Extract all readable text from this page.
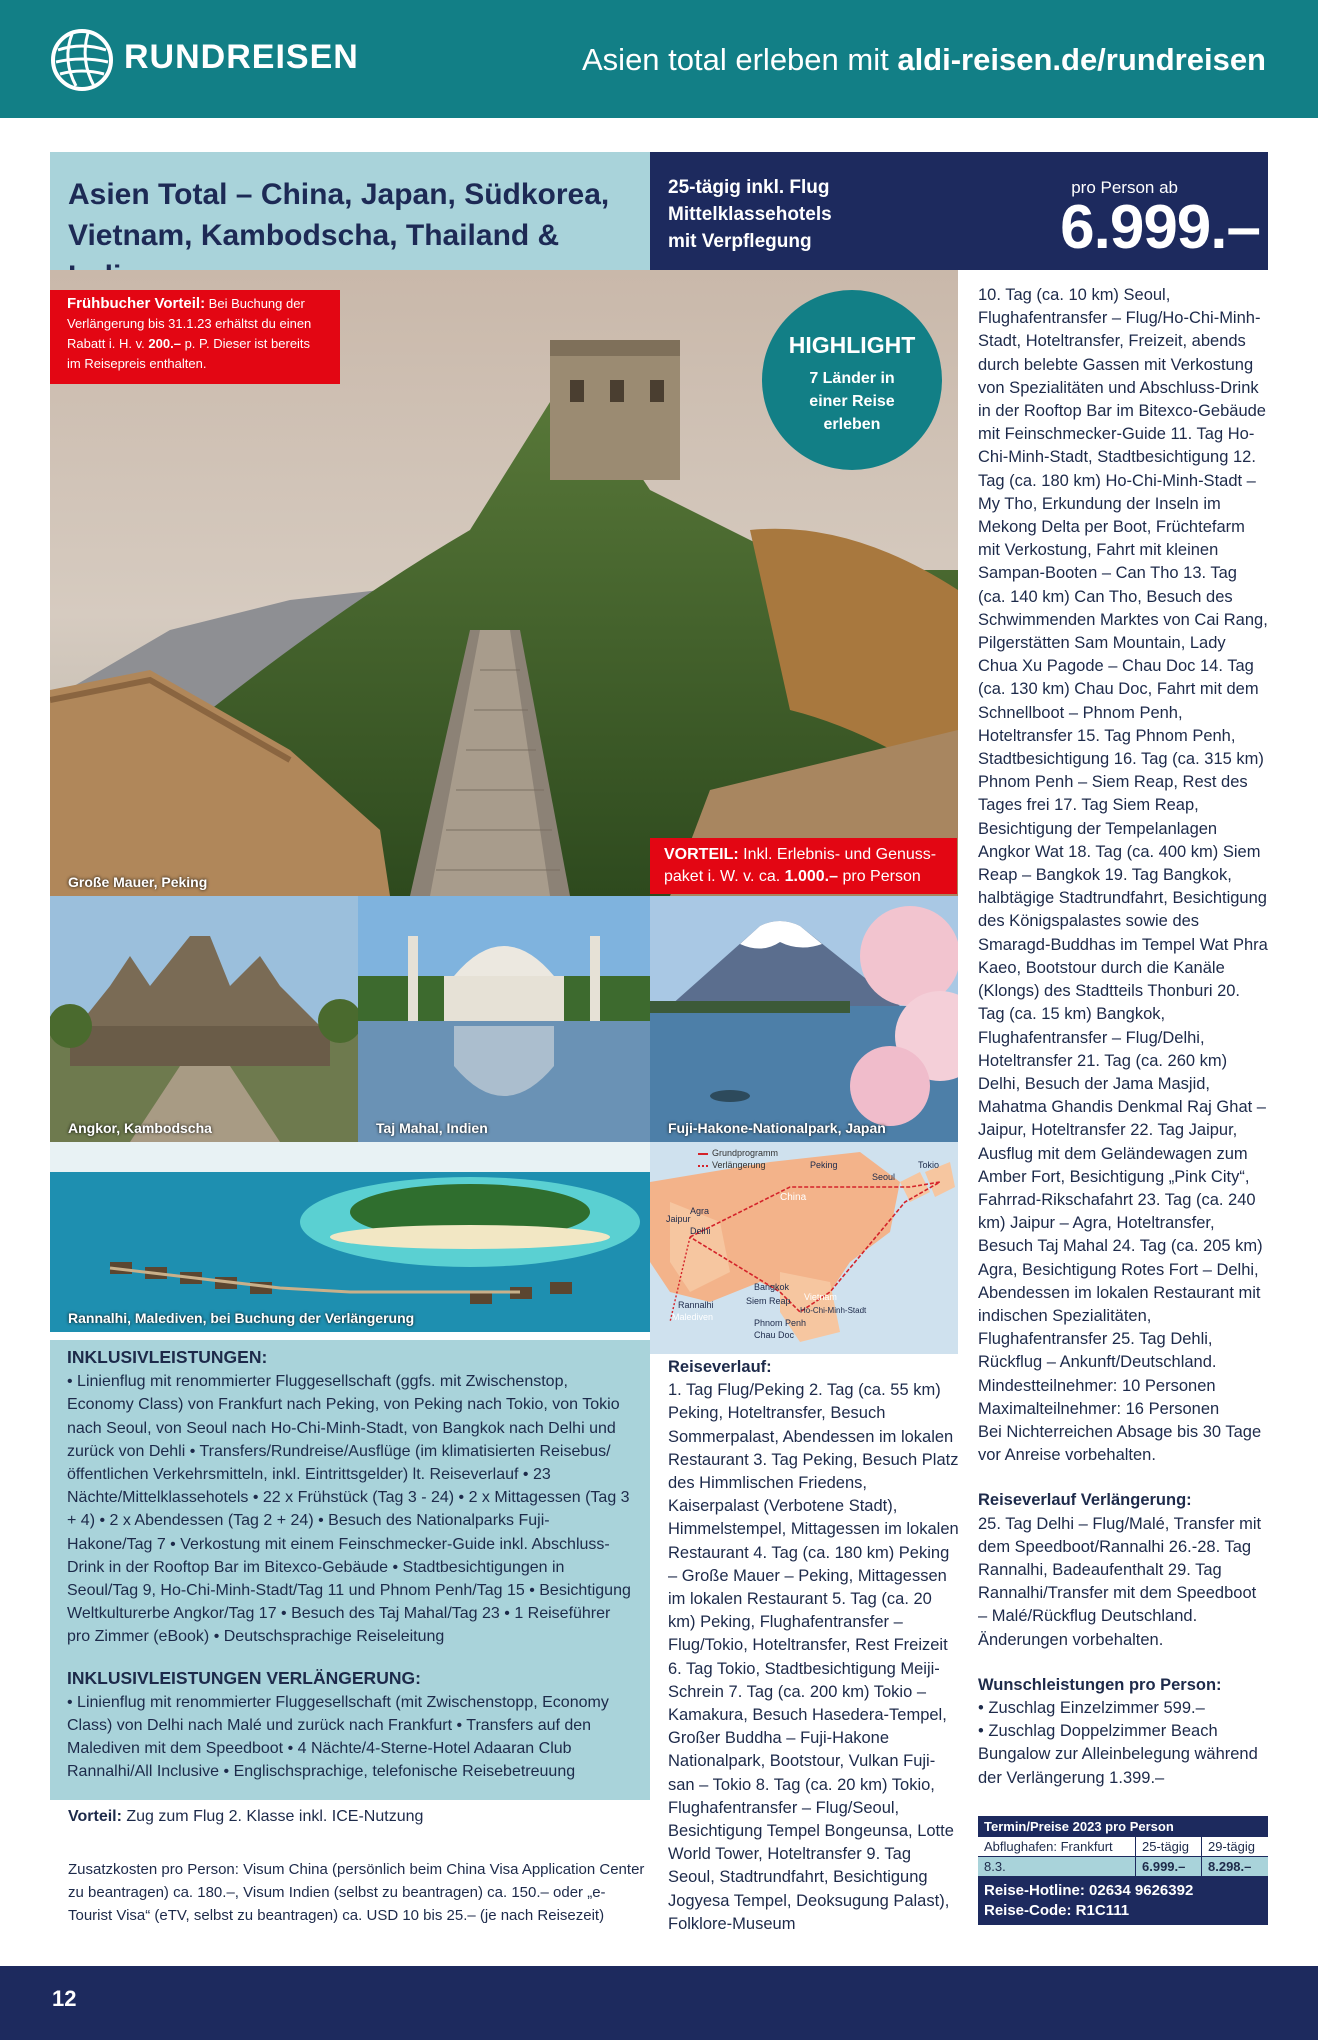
RUNDREISEN	Asien total erleben mit aldi-reisen.de/rundreisen
Asien Total – China, Japan, Südkorea,
Vietnam, Kambodscha, Thailand &
25-tägig inkl. Flug
Mittelklassehotels
mit Verpflegung
pro Person ab
6.999.–
Große Mauer, Peking
Frühbucher Vorteil: Bei Buchung der Verlängerung bis 31.1.23 erhältst du einen Rabatt i. H. v. 200.– p. P. Dieser ist bereits im Reisepreis enthalten.
HIGHLIGHT
7 Länder in einer Reise erleben
VORTEIL: Inkl. Erlebnis- und Genuss-paket i. W. v. ca. 1.000.– pro Person
Angkor, Kambodscha	Taj Mahal, Indien	Fuji-Hakone-Nationalpark, Japan
Rannalhi, Malediven, bei Buchung der Verlängerung
Grundprogramm
Verlängerung	Peking
Seoul
Tokio
China
Jaipur
Agra
Delhi
Bangkok
Siem Reap
Phnom Penh
Chau Doc
Ho-Chi-Minh-Stadt
Vietnam
Rannalhi
Malediven

10. Tag (ca. 10 km) Seoul, Flughafentransfer – Flug/Ho-Chi-Minh-Stadt, Hoteltransfer, Freizeit, abends durch belebte Gassen mit Verkostung von Spezialitäten und Abschluss-Drink in der Rooftop Bar im Bitexco-Gebäude mit Feinschmecker-Guide 11. Tag Ho-Chi-Minh-Stadt, Stadtbesichtigung 12. Tag (ca. 180 km) Ho-Chi-Minh-Stadt – My Tho, Erkundung der Inseln im Mekong Delta per Boot, Früchtefarm mit Verkostung, Fahrt mit kleinen Sampan-Booten – Can Tho 13. Tag (ca. 140 km) Can Tho, Besuch des Schwimmenden Marktes von Cai Rang, Pilgerstätten Sam Mountain, Lady Chua Xu Pagode – Chau Doc 14. Tag (ca. 130 km) Chau Doc, Fahrt mit dem Schnellboot – Phnom Penh, Hoteltransfer 15. Tag Phnom Penh, Stadtbesichtigung 16. Tag (ca. 315 km) Phnom Penh – Siem Reap, Rest des Tages frei 17. Tag Siem Reap, Besichtigung der Tempelanlagen Angkor Wat 18. Tag (ca. 400 km) Siem Reap – Bangkok 19. Tag Bangkok, halbtägige Stadtrundfahrt, Besichtigung des Königspalastes sowie des Smaragd-Buddhas im Tempel Wat Phra Kaeo, Bootstour durch die Kanäle (Klongs) des Stadtteils Thonburi 20. Tag (ca. 15 km) Bangkok, Flughafentransfer – Flug/Delhi, Hoteltransfer 21. Tag (ca. 260 km) Delhi, Besuch der Jama Masjid, Mahatma Ghandis Denkmal Raj Ghat – Jaipur, Hoteltransfer 22. Tag Jaipur, Ausflug mit dem Geländewagen zum Amber Fort, Besichtigung „Pink City“, Fahrrad-Rikschafahrt 23. Tag (ca. 240 km) Jaipur – Agra, Hoteltransfer, Besuch Taj Mahal 24. Tag (ca. 205 km) Agra, Besichtigung Rotes Fort – Delhi, Abendessen im lokalen Restaurant mit indischen Spezialitäten, Flughafentransfer 25. Tag Dehli, Rückflug – Ankunft/Deutschland.

Mindestteilnehmer: 10 Personen

Maximalteilnehmer: 16 Personen

Bei Nichterreichen Absage bis 30 Tage vor Anreise vorbehalten.

Reiseverlauf Verlängerung:

25. Tag Delhi – Flug/Malé, Transfer mit dem Speedboot/Rannalhi 26.-28. Tag Rannalhi, Badeaufenthalt 29. Tag Rannalhi/Transfer mit dem Speedboot – Malé/Rückflug Deutschland.

Änderungen vorbehalten.

Wunschleistungen pro Person:

• Zuschlag Einzelzimmer 599.–

• Zuschlag Doppelzimmer Beach Bungalow zur Alleinbelegung während der Verlängerung 1.399.–

INKLUSIVLEISTUNGEN:

• Linienflug mit renommierter Fluggesellschaft (ggfs. mit Zwischenstop, Economy Class) von Frankfurt nach Peking, von Peking nach Tokio, von Tokio nach Seoul, von Seoul nach Ho-Chi-Minh-Stadt, von Bangkok nach Delhi und zurück von Dehli • Transfers/Rundreise/Ausflüge (im klimatisierten Reisebus/öffentlichen Verkehrsmitteln, inkl. Eintrittsgelder) lt. Reiseverlauf • 23 Nächte/Mittelklassehotels • 22 x Frühstück (Tag 3 - 24) • 2 x Mittagessen (Tag 3 + 4) • 2 x Abendessen (Tag 2 + 24) • Besuch des Nationalparks Fuji-Hakone/Tag 7 • Verkostung mit einem Feinschmecker-Guide inkl. Abschluss-Drink in der Rooftop Bar im Bitexco-Gebäude • Stadtbesichtigungen in Seoul/Tag 9, Ho-Chi-Minh-Stadt/Tag 11 und Phnom Penh/Tag 15 • Besichtigung Weltkulturerbe Angkor/Tag 17 • Besuch des Taj Mahal/Tag 23 • 1 Reiseführer pro Zimmer (eBook) • Deutschsprachige Reiseleitung

INKLUSIVLEISTUNGEN VERLÄNGERUNG:

• Linienflug mit renommierter Fluggesellschaft (mit Zwischenstopp, Economy Class) von Delhi nach Malé und zurück nach Frankfurt • Transfers auf den Malediven mit dem Speedboot • 4 Nächte/4-Sterne-Hotel Adaaran Club Rannalhi/All Inclusive • Englischsprachige, telefonische Reisebetreuung

Vorteil: Zug zum Flug 2. Klasse inkl. ICE-Nutzung
Zusatzkosten pro Person: Visum China (persönlich beim China Visa Application Center zu beantragen) ca. 180.–, Visum Indien (selbst zu beantragen) ca. 150.– oder „e-Tourist Visa“ (eTV, selbst zu beantragen) ca. USD 10 bis 25.– (je nach Reisezeit)
Reiseverlauf:

1. Tag Flug/Peking 2. Tag (ca. 55 km) Peking, Hoteltransfer, Besuch Sommerpalast, Abendessen im lokalen Restaurant 3. Tag Peking, Besuch Platz des Himmlischen Friedens, Kaiserpalast (Verbotene Stadt), Himmelstempel, Mittagessen im lokalen Restaurant 4. Tag (ca. 180 km) Peking – Große Mauer – Peking, Mittagessen im lokalen Restaurant 5. Tag (ca. 20 km) Peking, Flughafentransfer – Flug/Tokio, Hoteltransfer, Rest Freizeit 6. Tag Tokio, Stadtbesichtigung Meiji-Schrein 7. Tag (ca. 200 km) Tokio – Kamakura, Besuch Hasedera-Tempel, Großer Buddha – Fuji-Hakone Nationalpark, Bootstour, Vulkan Fuji-san – Tokio 8. Tag (ca. 20 km) Tokio, Flughafentransfer – Flug/Seoul, Besichtigung Tempel Bongeunsa, Lotte World Tower, Hoteltransfer 9. Tag Seoul, Stadtrundfahrt, Besichtigung Jogyesa Tempel, Deoksugung Palast), Folklore-Museum

Termin/Preise 2023 pro Person
Abflughafen: Frankfurt	25-tägig	29-tägig
8.3.	6.999.–	8.298.–
Reise-Hotline: 02634 9626392
Reise-Code: R1C111
12
